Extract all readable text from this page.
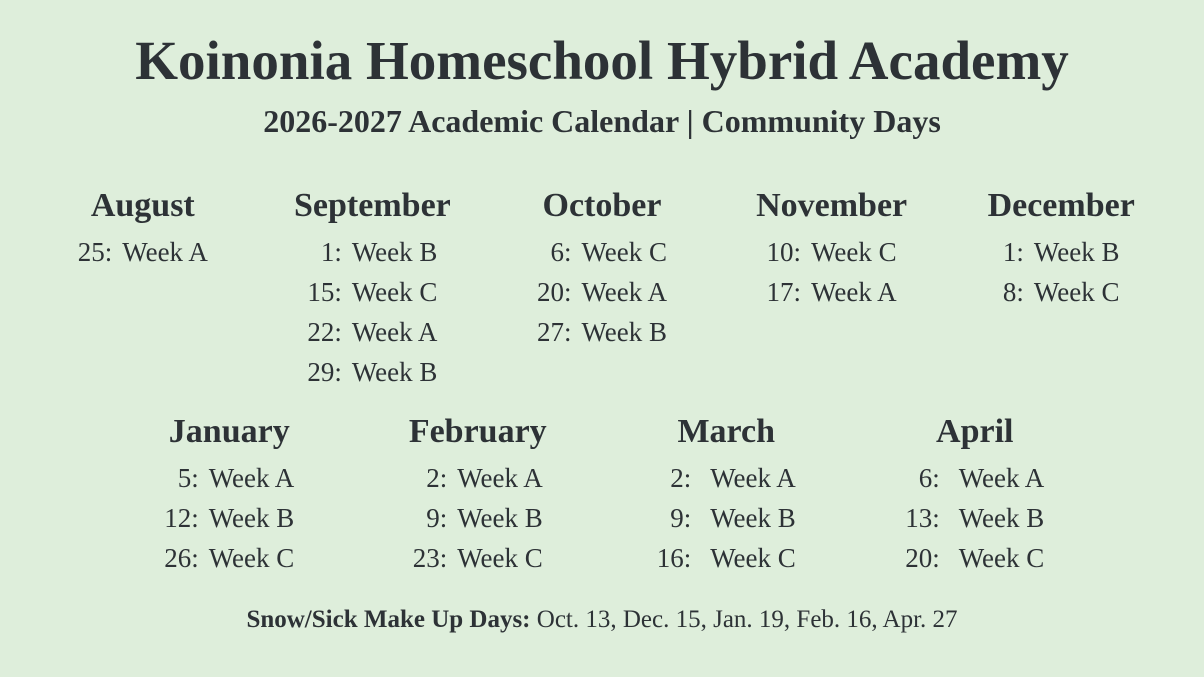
Koinonia Homeschool Hybrid Academy
2026-2027 Academic Calendar | Community Days
August
25: Week A
September
1: Week B
15: Week C
22: Week A
29: Week B
October
6: Week C
20: Week A
27: Week B
November
10: Week C
17: Week A
December
1: Week B
8: Week C
January
5: Week A
12: Week B
26: Week C
February
2: Week A
9: Week B
23: Week C
March
2: Week A
9: Week B
16: Week C
April
6: Week A
13: Week B
20: Week C
Snow/Sick Make Up Days: Oct. 13, Dec. 15, Jan. 19, Feb. 16, Apr. 27
